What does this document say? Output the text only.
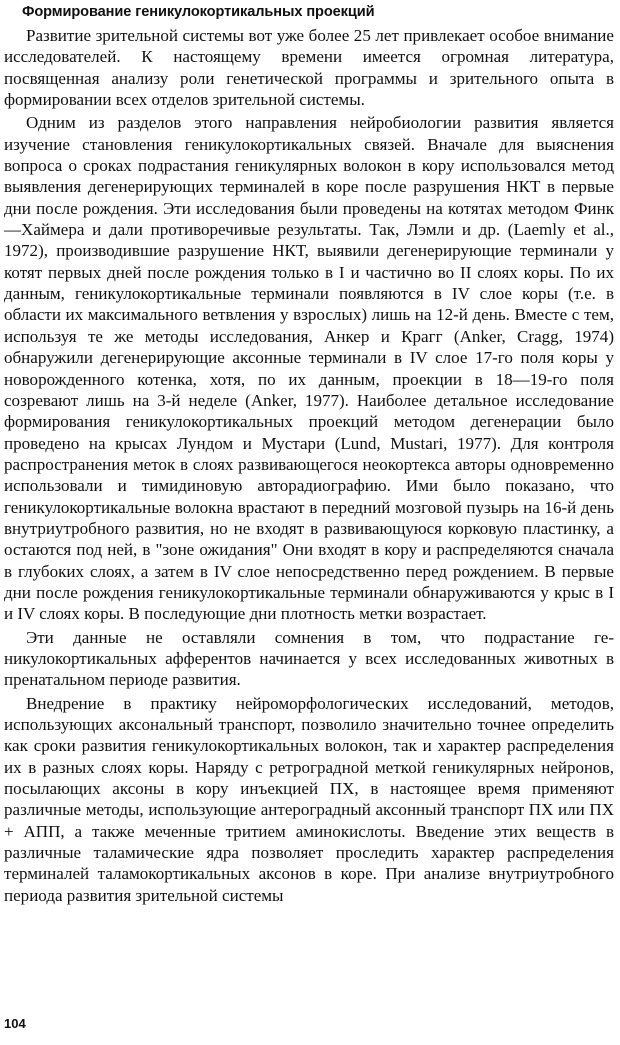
Формирование геникулокортикальных проекций

Развитие зрительной системы вот уже более 25 лет привлекает особое внимание исследователей. К настоящему времени имеется огромная литература, посвященная анализу роли генетической программы и зрительного опыта в формировании всех отделов зрительной системы.

Одним из разделов этого направления нейробиологии развития является изучение становления геникулокортикальных связей. Вначале для выяснения вопроса о сроках подрастания геникулярных волокон в кору использовался метод выявления дегенерирующих терминалей в коре после разрушения НКТ в первые дни после рождения. Эти исследования были проведены на котятах методом Финк—Хаймера и дали противоречивые результаты. Так, Лэмли и др. (Laemly et al., 1972), производившие разрушение НКТ, выявили дегенерирующие терминали у котят первых дней после рождения только в I и частично во II слоях коры. По их данным, геникулокортикальные терминали появляются в IV слое коры (т.е. в области их максимального ветвления у взрослых) лишь на 12-й день. Вместе с тем, используя те же методы исследования, Анкер и Крагг (Anker, Cragg, 1974) обнаружили дегенерирующие аксонные терминали в IV слое 17-го поля коры у новорожденного котенка, хотя, по их данным, проекции в 18—19-го поля созревают лишь на 3-й неделе (Anker, 1977). Наиболее детальное исследование формирования геникулокортикальных проекций методом дегенерации было проведено на крысах Лундом и Мустари (Lund, Mustari, 1977). Для контроля распространения меток в слоях развивающегося неокортекса авторы одновременно использовали и тимидиновую авторадиографию. Ими было показано, что геникулокортикальные волокна врастают в передний мозговой пузырь на 16-й день внутриутробного развития, но не входят в развивающуюся корковую пластинку, а остаются под ней, в "зоне ожидания" Они входят в кору и распределяются сначала в глубоких слоях, а затем в IV слое непосредственно перед рождением. В первые дни после рождения геникулокортикальные терминали обнаруживаются у крыс в I и IV слоях коры. В последующие дни плотность метки возрастает.

Эти данные не оставляли сомнения в том, что подрастание геникулокортикальных афферентов начинается у всех исследованных животных в пренатальном периоде развития.

Внедрение в практику нейроморфологических исследований, методов, использующих аксональный транспорт, позволило значительно точнее определить как сроки развития геникулокортикальных волокон, так и характер распределения их в разных слоях коры. Наряду с ретроградной меткой геникулярных нейронов, посылающих аксоны в кору инъекцией ПХ, в настоящее время применяют различные методы, использующие антероградный аксонный транспорт ПХ или ПХ + АПП, а также меченные тритием аминокислоты. Введение этих веществ в различные таламические ядра позволяет проследить характер распределения терминалей таламокортикальных аксонов в коре. При анализе внутриутробного периода развития зрительной системы

104
